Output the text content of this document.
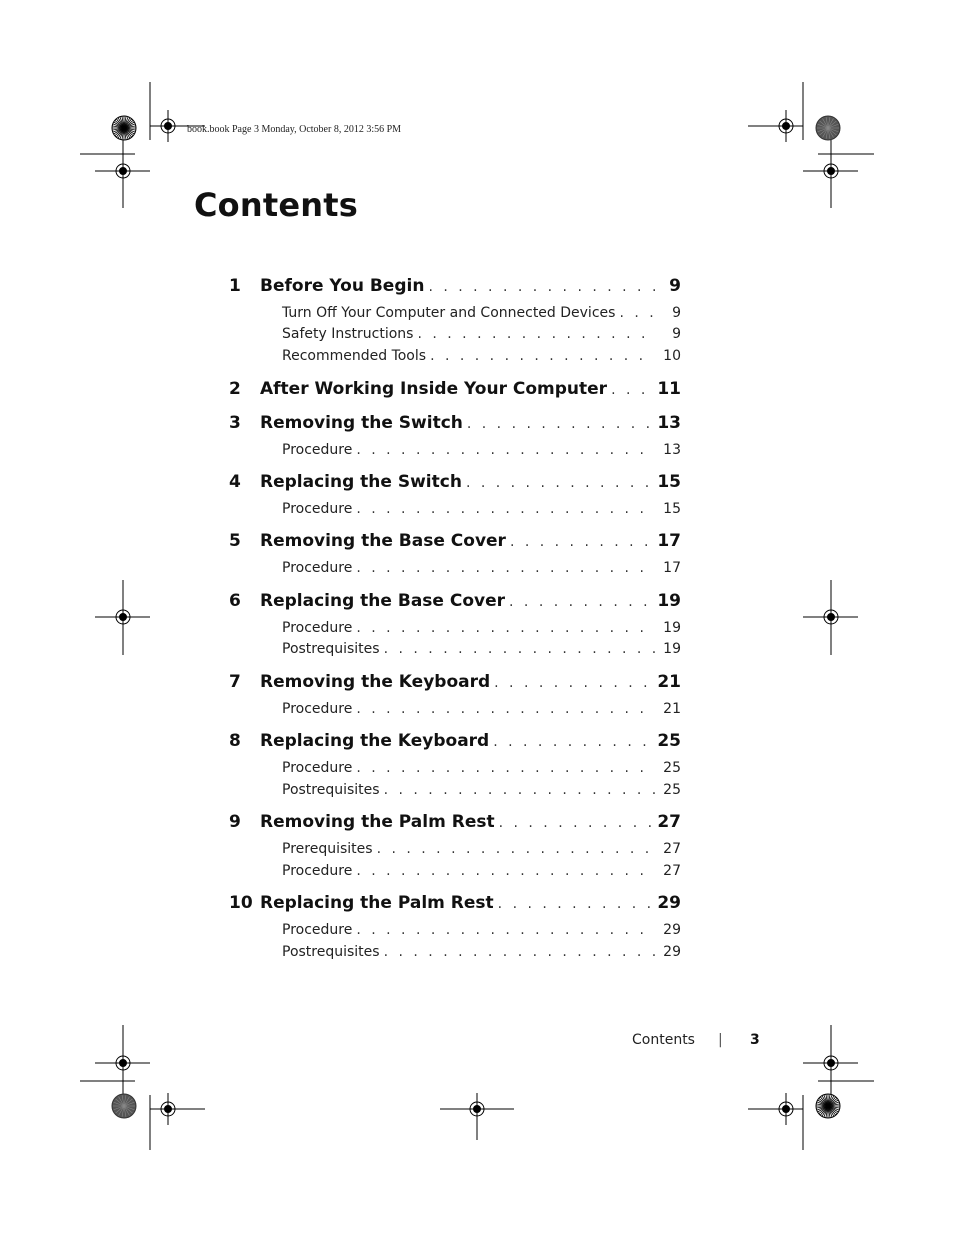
book.book Page 3 Monday, October 8, 2012 3:56 PM
Contents
1 Before You Begin . . .	9
Turn Off Your Computer and Connected Devices . . .	9
Safety Instructions . . .	9
Recommended Tools . . .	10
2 After Working Inside Your Computer . . .	11
3 Removing the Switch . . .	13
Procedure . . .	13
4 Replacing the Switch . . .	15
Procedure . . .	15
5 Removing the Base Cover . . .	17
Procedure . . .	17
6 Replacing the Base Cover . . .	19
Procedure . . .	19
Postrequisites . . .	19
7 Removing the Keyboard . . .	21
Procedure . . .	21
8 Replacing the Keyboard . . .	25
Procedure . . .	25
Postrequisites . . .	25
9 Removing the Palm Rest . . .	27
Prerequisites . . .	27
Procedure . . .	27
10 Replacing the Palm Rest . . .	29
Procedure . . .	29
Postrequisites . . .	29
Contents | 3
